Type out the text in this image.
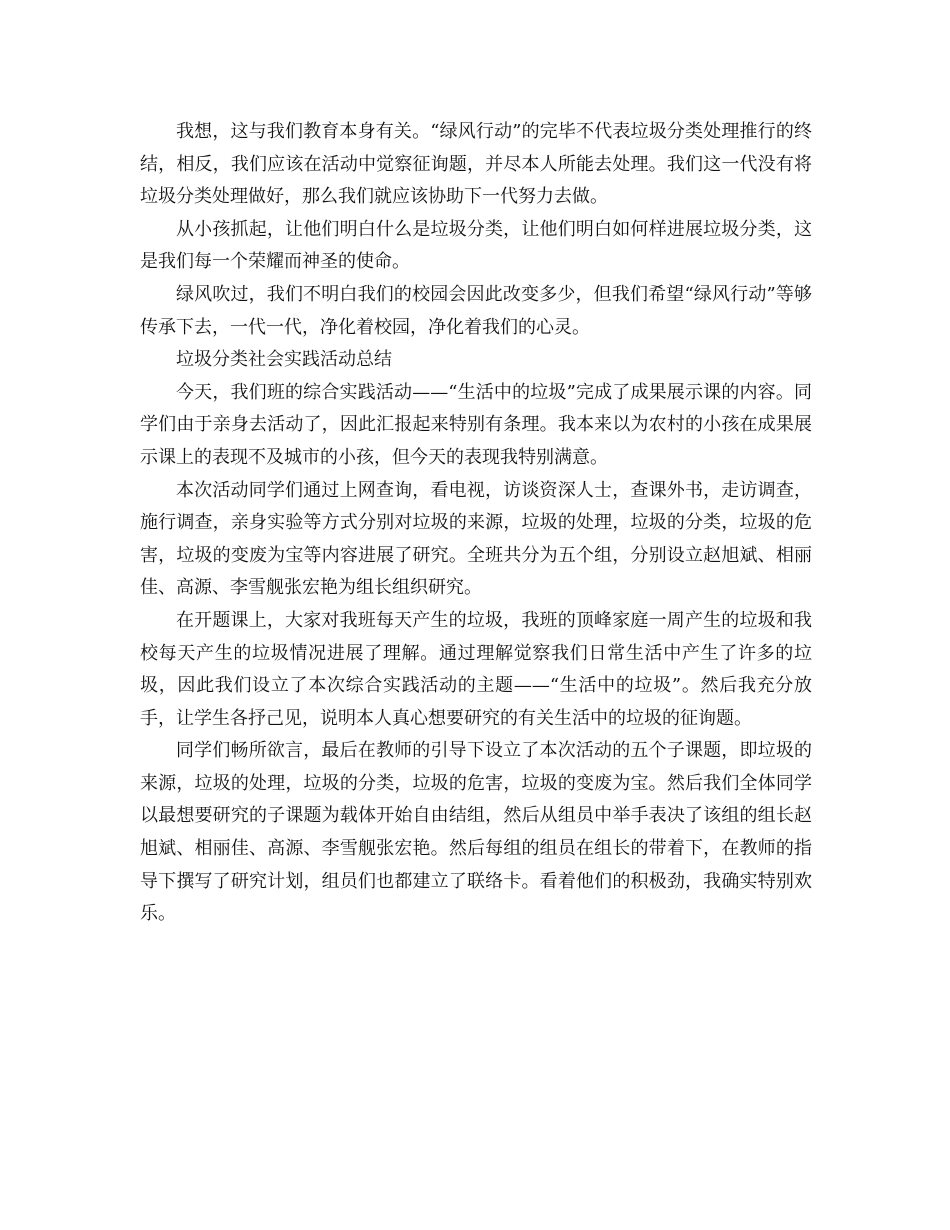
我想，这与我们教育本身有关。“绿风行动”的完毕不代表垃圾分类处理推行的终结，相反，我们应该在活动中觉察征询题，并尽本人所能去处理。我们这一代没有将垃圾分类处理做好，那么我们就应该协助下一代努力去做。

从小孩抓起，让他们明白什么是垃圾分类，让他们明白如何样进展垃圾分类，这是我们每一个荣耀而神圣的使命。

绿风吹过，我们不明白我们的校园会因此改变多少，但我们希望“绿风行动”等够传承下去，一代一代，净化着校园，净化着我们的心灵。

垃圾分类社会实践活动总结

今天，我们班的综合实践活动——“生活中的垃圾”完成了成果展示课的内容。同学们由于亲身去活动了，因此汇报起来特别有条理。我本来以为农村的小孩在成果展示课上的表现不及城市的小孩，但今天的表现我特别满意。

本次活动同学们通过上网查询，看电视，访谈资深人士，查课外书，走访调查，施行调查，亲身实验等方式分别对垃圾的来源，垃圾的处理，垃圾的分类，垃圾的危害，垃圾的变废为宝等内容进展了研究。全班共分为五个组，分别设立赵旭斌、相丽佳、高源、李雪舰张宏艳为组长组织研究。

在开题课上，大家对我班每天产生的垃圾，我班的顶峰家庭一周产生的垃圾和我校每天产生的垃圾情况进展了理解。通过理解觉察我们日常生活中产生了许多的垃圾，因此我们设立了本次综合实践活动的主题——“生活中的垃圾”。然后我充分放手，让学生各抒己见，说明本人真心想要研究的有关生活中的垃圾的征询题。

同学们畅所欲言，最后在教师的引导下设立了本次活动的五个子课题，即垃圾的来源，垃圾的处理，垃圾的分类，垃圾的危害，垃圾的变废为宝。然后我们全体同学以最想要研究的子课题为载体开始自由结组，然后从组员中举手表决了该组的组长赵旭斌、相丽佳、高源、李雪舰张宏艳。然后每组的组员在组长的带着下，在教师的指导下撰写了研究计划，组员们也都建立了联络卡。看着他们的积极劲，我确实特别欢乐。
